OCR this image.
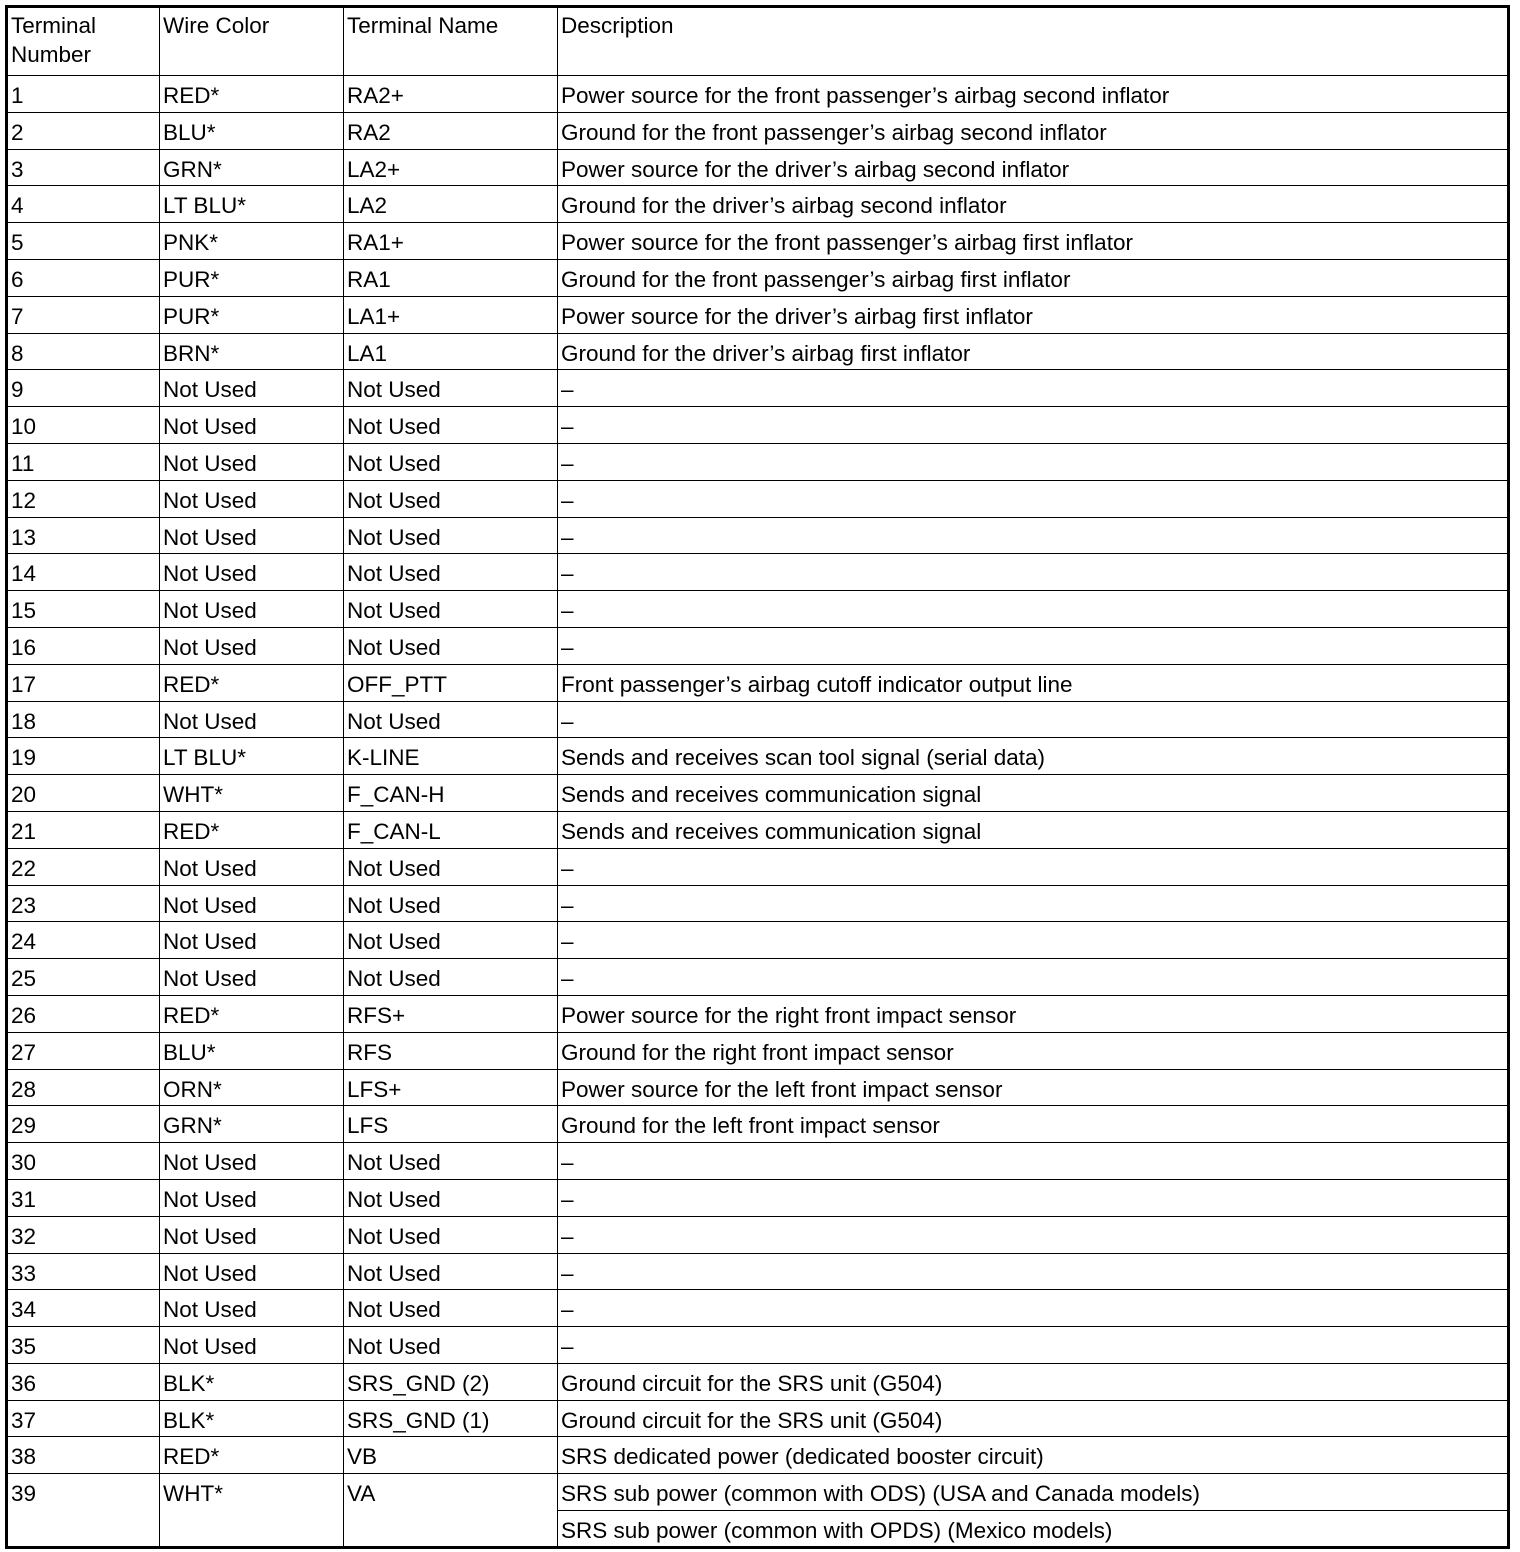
Terminal Number	Wire Color	Terminal Name	Description
1	RED*	RA2+	Power source for the front passenger’s airbag second inflator
2	BLU*	RA2	Ground for the front passenger’s airbag second inflator
3	GRN*	LA2+	Power source for the driver’s airbag second inflator
4	LT BLU*	LA2	Ground for the driver’s airbag second inflator
5	PNK*	RA1+	Power source for the front passenger’s airbag first inflator
6	PUR*	RA1	Ground for the front passenger’s airbag first inflator
7	PUR*	LA1+	Power source for the driver’s airbag first inflator
8	BRN*	LA1	Ground for the driver’s airbag first inflator
9	Not Used	Not Used	–
10	Not Used	Not Used	–
11	Not Used	Not Used	–
12	Not Used	Not Used	–
13	Not Used	Not Used	–
14	Not Used	Not Used	–
15	Not Used	Not Used	–
16	Not Used	Not Used	–
17	RED*	OFF_PTT	Front passenger’s airbag cutoff indicator output line
18	Not Used	Not Used	–
19	LT BLU*	K-LINE	Sends and receives scan tool signal (serial data)
20	WHT*	F_CAN-H	Sends and receives communication signal
21	RED*	F_CAN-L	Sends and receives communication signal
22	Not Used	Not Used	–
23	Not Used	Not Used	–
24	Not Used	Not Used	–
25	Not Used	Not Used	–
26	RED*	RFS+	Power source for the right front impact sensor
27	BLU*	RFS	Ground for the right front impact sensor
28	ORN*	LFS+	Power source for the left front impact sensor
29	GRN*	LFS	Ground for the left front impact sensor
30	Not Used	Not Used	–
31	Not Used	Not Used	–
32	Not Used	Not Used	–
33	Not Used	Not Used	–
34	Not Used	Not Used	–
35	Not Used	Not Used	–
36	BLK*	SRS_GND (2)	Ground circuit for the SRS unit (G504)
37	BLK*	SRS_GND (1)	Ground circuit for the SRS unit (G504)
38	RED*	VB	SRS dedicated power (dedicated booster circuit)
39	WHT*	VA	SRS sub power (common with ODS) (USA and Canada models)
			SRS sub power (common with OPDS) (Mexico models)
